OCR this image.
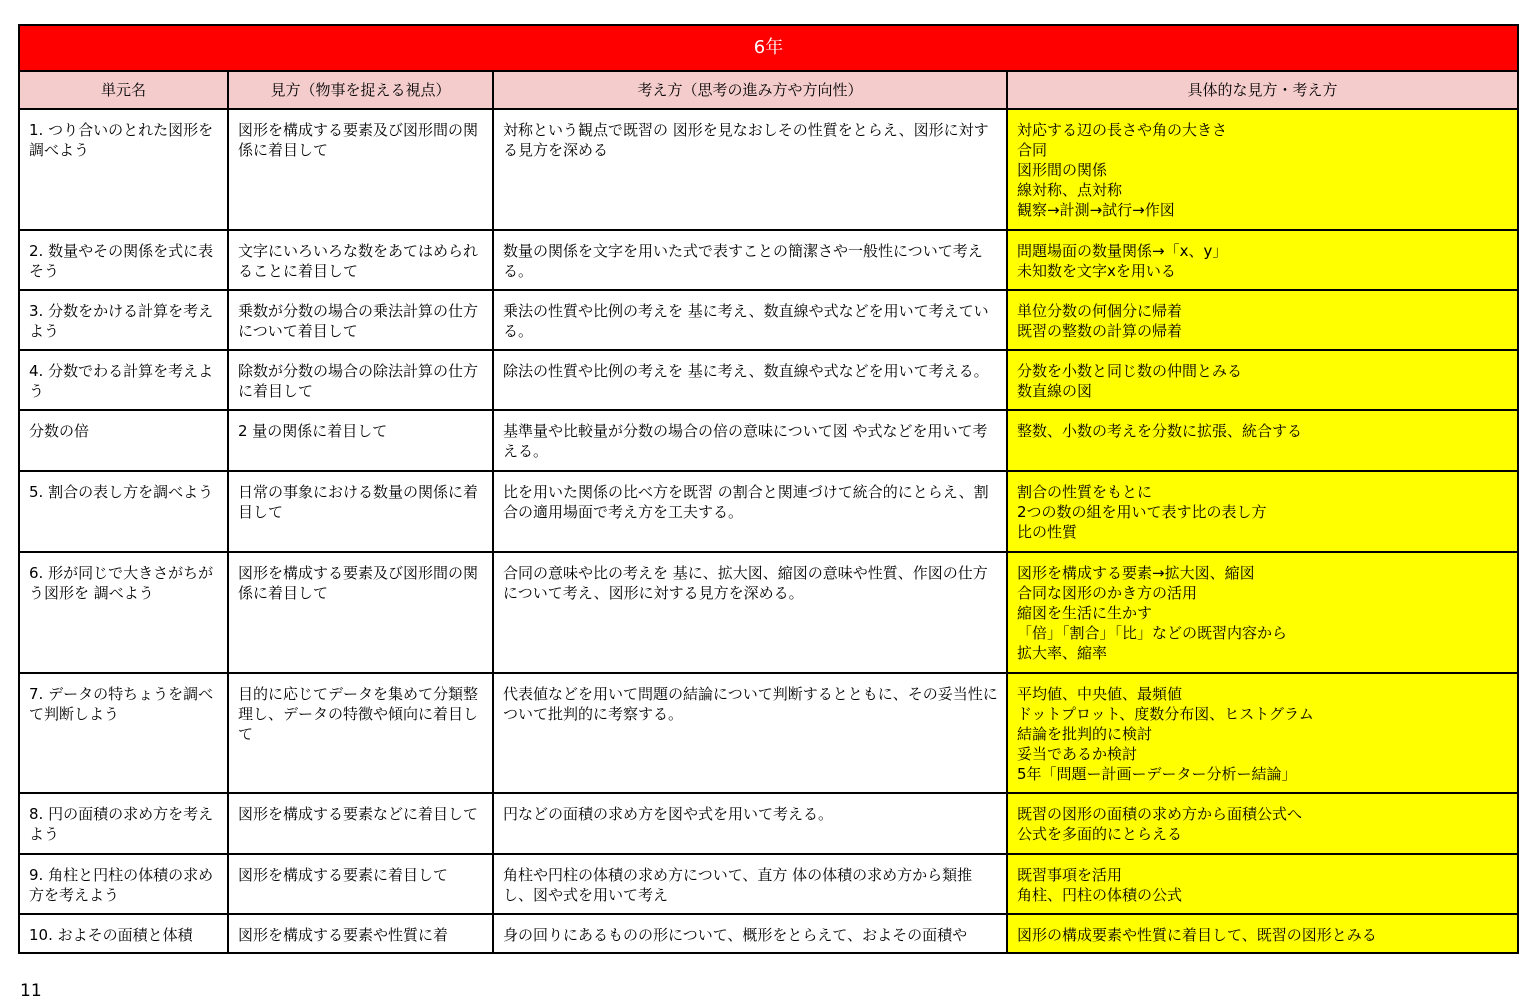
6年			
単元名	見方（物事を捉える視点）	考え方（思考の進み方や方向性）	具体的な見方・考え方
1. つり合いのとれた図形を調べよう	図形を構成する要素及び図形間の関係に着目して	対称という観点で既習の 図形を見なおしその性質をとらえ、図形に対する見方を深める	対応する辺の長さや角の大きさ
合同
図形間の関係
線対称、点対称
観察→計測→試行→作図

2. 数量やその関係を式に表そう	文字にいろいろな数をあてはめられることに着目して	数量の関係を文字を用いた式で表すことの簡潔さや一般性について考える。	問題場面の数量関係→「x、y」
未知数を文字xを用いる

3. 分数をかける計算を考えよう	乗数が分数の場合の乗法計算の仕方について着目して	乗法の性質や比例の考えを 基に考え、数直線や式などを用いて考えている。	単位分数の何個分に帰着
既習の整数の計算の帰着

4. 分数でわる計算を考えよう	除数が分数の場合の除法計算の仕方に着目して	除法の性質や比例の考えを 基に考え、数直線や式などを用いて考える。	分数を小数と同じ数の仲間とみる
数直線の図

分数の倍	2 量の関係に着目して	基準量や比較量が分数の場合の倍の意味について図 や式などを用いて考える。	整数、小数の考えを分数に拡張、統合する

5. 割合の表し方を調べよう	日常の事象における数量の関係に着目して	比を用いた関係の比べ方を既習 の割合と関連づけて統合的にとらえ、割合の適用場面で考え方を工夫する。	割合の性質をもとに
2つの数の組を用いて表す比の表し方
比の性質

6. 形が同じで大きさがちがう図形を 調べよう	図形を構成する要素及び図形間の関係に着目して	合同の意味や比の考えを 基に、拡大図、縮図の意味や性質、作図の仕方について考え、図形に対する見方を深める。	図形を構成する要素→拡大図、縮図
合同な図形のかき方の活用
縮図を生活に生かす
「倍」「割合」「比」などの既習内容から
拡大率、縮率

7. データの特ちょうを調べて判断しよう	目的に応じてデータを集めて分類整理し、データの特徴や傾向に着目して	代表値などを用いて問題の結論について判断するとともに、その妥当性に ついて批判的に考察する。	平均値、中央値、最頻値
ドットプロット、度数分布図、ヒストグラム
結論を批判的に検討
妥当であるか検討
5年「問題ー計画ーデーター分析ー結論」

8. 円の面積の求め方を考えよう	図形を構成する要素などに着目して	円などの面積の求め方を図や式を用いて考える。	既習の図形の面積の求め方から面積公式へ
公式を多面的にとらえる

9. 角柱と円柱の体積の求め方を考えよう	図形を構成する要素に着目して	角柱や円柱の体積の求め方について、直方 体の体積の求め方から類推し、図や式を用いて考え	既習事項を活用
角柱、円柱の体積の公式

10. およその面積と体積	図形を構成する要素や性質に着	身の回りにあるものの形について、概形をとらえて、およその面積や	図形の構成要素や性質に着目して、既習の図形とみる
11
